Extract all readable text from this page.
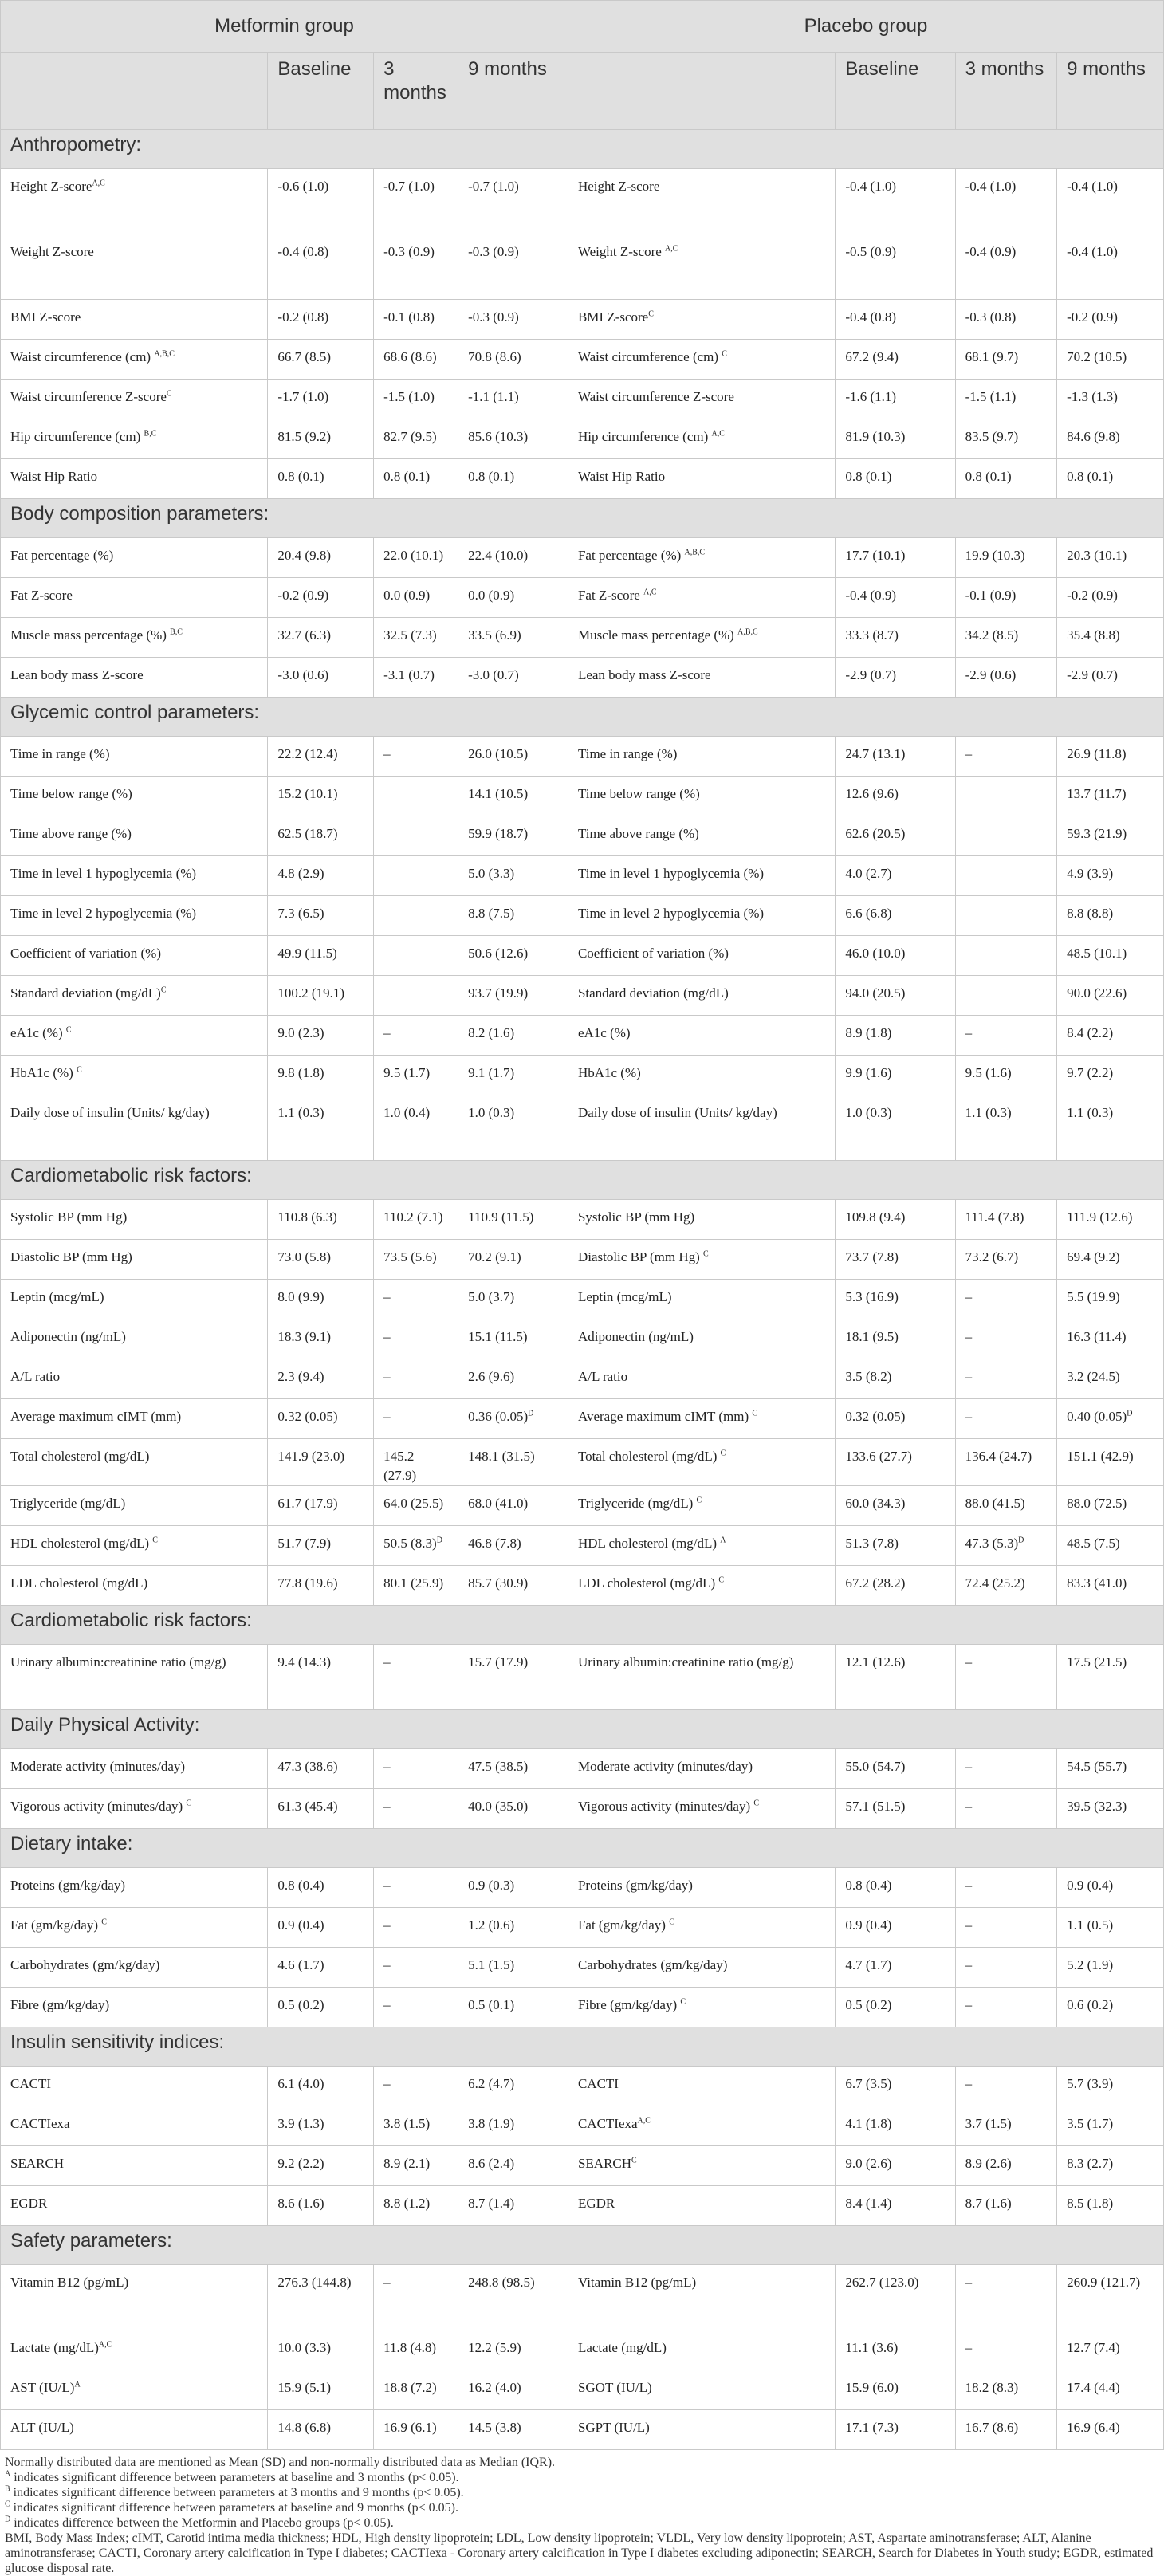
Metformin group				Placebo group			
	Baseline	3 months	9 months		Baseline	3 months	9 months
Anthropometry:							
Height Z-score$^{A,C}$	-0.6 (1.0)	-0.7 (1.0)	-0.7 (1.0)	Height Z-score	-0.4 (1.0)	-0.4 (1.0)	-0.4 (1.0)
Weight Z-score	-0.4 (0.8)	-0.3 (0.9)	-0.3 (0.9)	Weight Z-score $^{A,C}$	-0.5 (0.9)	-0.4 (0.9)	-0.4 (1.0)
BMI Z-score	-0.2 (0.8)	-0.1 (0.8)	-0.3 (0.9)	BMI Z-score$^C$	-0.4 (0.8)	-0.3 (0.8)	-0.2 (0.9)
Waist circumference (cm) $^{A,B,C}$	66.7 (8.5)	68.6 (8.6)	70.8 (8.6)	Waist circumference (cm) $^C$	67.2 (9.4)	68.1 (9.7)	70.2 (10.5)
Waist circumference Z-score$^C$	-1.7 (1.0)	-1.5 (1.0)	-1.1 (1.1)	Waist circumference Z-score	-1.6 (1.1)	-1.5 (1.1)	-1.3 (1.3)
Hip circumference (cm) $^{B,C}$	81.5 (9.2)	82.7 (9.5)	85.6 (10.3)	Hip circumference (cm) $^{A,C}$	81.9 (10.3)	83.5 (9.7)	84.6 (9.8)
Waist Hip Ratio	0.8 (0.1)	0.8 (0.1)	0.8 (0.1)	Waist Hip Ratio	0.8 (0.1)	0.8 (0.1)	0.8 (0.1)
Body composition parameters:							
Fat percentage (%)	20.4 (9.8)	22.0 (10.1)	22.4 (10.0)	Fat percentage (%) $^{A,B,C}$	17.7 (10.1)	19.9 (10.3)	20.3 (10.1)
Fat Z-score	-0.2 (0.9)	0.0 (0.9)	0.0 (0.9)	Fat Z-score $^{A,C}$	-0.4 (0.9)	-0.1 (0.9)	-0.2 (0.9)
Muscle mass percentage (%) $^{B,C}$	32.7 (6.3)	32.5 (7.3)	33.5 (6.9)	Muscle mass percentage (%) $^{A,B,C}$	33.3 (8.7)	34.2 (8.5)	35.4 (8.8)
Lean body mass Z-score	-3.0 (0.6)	-3.1 (0.7)	-3.0 (0.7)	Lean body mass Z-score	-2.9 (0.7)	-2.9 (0.6)	-2.9 (0.7)
Glycemic control parameters:							
Time in range (%)	22.2 (12.4)	–	26.0 (10.5)	Time in range (%)	24.7 (13.1)	–	26.9 (11.8)
Time below range (%)	15.2 (10.1)		14.1 (10.5)	Time below range (%)	12.6 (9.6)		13.7 (11.7)
Time above range (%)	62.5 (18.7)		59.9 (18.7)	Time above range (%)	62.6 (20.5)		59.3 (21.9)
Time in level 1 hypoglycemia (%)	4.8 (2.9)		5.0 (3.3)	Time in level 1 hypoglycemia (%)	4.0 (2.7)		4.9 (3.9)
Time in level 2 hypoglycemia (%)	7.3 (6.5)		8.8 (7.5)	Time in level 2 hypoglycemia (%)	6.6 (6.8)		8.8 (8.8)
Coefficient of variation (%)	49.9 (11.5)		50.6 (12.6)	Coefficient of variation (%)	46.0 (10.0)		48.5 (10.1)
Standard deviation $(mg/dL)^C$	100.2 (19.1)		93.7 (19.9)	Standard deviation (mg/dL)	94.0 (20.5)		90.0 (22.6)
eA1c (%) $^C$	9.0 (2.3)	–	8.2 (1.6)	eA1c (%)	8.9 (1.8)	–	8.4 (2.2)
HbA1c (%) $^C$	9.8 (1.8)	9.5 (1.7)	9.1 (1.7)	HbA1c (%)	9.9 (1.6)	9.5 (1.6)	9.7 (2.2)
Daily dose of insulin (Units/ kg/day)	1.1 (0.3)	1.0 (0.4)	1.0 (0.3)	Daily dose of insulin (Units/ kg/day)	1.0 (0.3)	1.1 (0.3)	1.1 (0.3)
Cardiometabolic risk factors:							
Systolic BP (mm Hg)	110.8 (6.3)	110.2 (7.1)	110.9 (11.5)	Systolic BP (mm Hg)	109.8 (9.4)	111.4 (7.8)	111.9 (12.6)
Diastolic BP (mm Hg)	73.0 (5.8)	73.5 (5.6)	70.2 (9.1)	Diastolic BP (mm Hg) $^C$	73.7 (7.8)	73.2 (6.7)	69.4 (9.2)
Leptin (mcg/mL)	8.0 (9.9)	–	5.0 (3.7)	Leptin (mcg/mL)	5.3 (16.9)	–	5.5 (19.9)
Adiponectin (ng/mL)	18.3 (9.1)	–	15.1 (11.5)	Adiponectin (ng/mL)	18.1 (9.5)	–	16.3 (11.4)
A/L ratio	2.3 (9.4)	–	2.6 (9.6)	A/L ratio	3.5 (8.2)	–	3.2 (24.5)
Average maximum cIMT (mm)	0.32 (0.05)	–	0.36 $(0.05)^D$	Average maximum cIMT (mm) $^C$	0.32 (0.05)	–	0.40 $(0.05)^D$
Total cholesterol (mg/dL)	141.9 (23.0)	145.2 (27.9)	148.1 (31.5)	Total cholesterol (mg/dL) $^C$	133.6 (27.7)	136.4 (24.7)	151.1 (42.9)
Triglyceride (mg/dL)	61.7 (17.9)	64.0 (25.5)	68.0 (41.0)	Triglyceride (mg/dL) $^C$	60.0 (34.3)	88.0 (41.5)	88.0 (72.5)
HDL cholesterol (mg/dL) $^C$	51.7 (7.9)	50.5 $(8.3)^D$	46.8 (7.8)	HDL cholesterol (mg/dL) $^A$	51.3 (7.8)	47.3 $(5.3)^D$	48.5 (7.5)
LDL cholesterol (mg/dL)	77.8 (19.6)	80.1 (25.9)	85.7 (30.9)	LDL cholesterol (mg/dL) $^C$	67.2 (28.2)	72.4 (25.2)	83.3 (41.0)
Cardiometabolic risk factors:							
Urinary albumin:creatinine ratio (mg/g)	9.4 (14.3)	–	15.7 (17.9)	Urinary albumin:creatinine ratio (mg/g)	12.1 (12.6)	–	17.5 (21.5)
Daily Physical Activity:							
Moderate activity (minutes/day)	47.3 (38.6)	–	47.5 (38.5)	Moderate activity (minutes/day)	55.0 (54.7)	–	54.5 (55.7)
Vigorous activity (minutes/day) $^C$	61.3 (45.4)	–	40.0 (35.0)	Vigorous activity (minutes/day) $^C$	57.1 (51.5)	–	39.5 (32.3)
Dietary intake:							
Proteins (gm/kg/day)	0.8 (0.4)	–	0.9 (0.3)	Proteins (gm/kg/day)	0.8 (0.4)	–	0.9 (0.4)
Fat (gm/kg/day) $^C$	0.9 (0.4)	–	1.2 (0.6)	Fat (gm/kg/day) $^C$	0.9 (0.4)	–	1.1 (0.5)
Carbohydrates (gm/kg/day)	4.6 (1.7)	–	5.1 (1.5)	Carbohydrates (gm/kg/day)	4.7 (1.7)	–	5.2 (1.9)
Fibre (gm/kg/day)	0.5 (0.2)	–	0.5 (0.1)	Fibre (gm/kg/day) $^C$	0.5 (0.2)	–	0.6 (0.2)
Insulin sensitivity indices:							
CACTI	6.1 (4.0)	–	6.2 (4.7)	CACTI	6.7 (3.5)	–	5.7 (3.9)
CACTIexa	3.9 (1.3)	3.8 (1.5)	3.8 (1.9)	CACTIexa$^{A,C}$	4.1 (1.8)	3.7 (1.5)	3.5 (1.7)
SEARCH	9.2 (2.2)	8.9 (2.1)	8.6 (2.4)	$SEARCH^C$	9.0 (2.6)	8.9 (2.6)	8.3 (2.7)
EGDR	8.6 (1.6)	8.8 (1.2)	8.7 (1.4)	EGDR	8.4 (1.4)	8.7 (1.6)	8.5 (1.8)
Safety parameters:							
Vitamin B12 (pg/mL)	276.3 (144.8)	–	248.8 (98.5)	Vitamin B12 (pg/mL)	262.7 (123.0)	–	260.9 (121.7)
Lactate $(mg/dL)^{A,C}$	10.0 (3.3)	11.8 (4.8)	12.2 (5.9)	Lactate (mg/dL)	11.1 (3.6)	–	12.7 (7.4)
AST $(IU/L)^A$	15.9 (5.1)	18.8 (7.2)	16.2 (4.0)	SGOT (IU/L)	15.9 (6.0)	18.2 (8.3)	17.4 (4.4)
ALT (IU/L)	14.8 (6.8)	16.9 (6.1)	14.5 (3.8)	SGPT (IU/L)	17.1 (7.3)	16.7 (8.6)	16.9 (6.4)

Normally distributed data are mentioned as Mean (SD) and non-normally distributed data as Median (IQR).

$^A$ indicates significant difference between parameters at baseline and 3 months (p< 0.05).

$^B$ indicates significant difference between parameters at 3 months and 9 months (p< 0.05).

$^C$ indicates significant difference between parameters at baseline and 9 months (p< 0.05).

$^D$ indicates difference between the Metformin and Placebo groups (p< 0.05).

BMI, Body Mass Index; cIMT, Carotid intima media thickness; HDL, High density lipoprotein; LDL, Low density lipoprotein; VLDL, Very low density lipoprotein; AST, Aspartate aminotransferase; ALT, Alanine aminotransferase; CACTI, Coronary artery calcification in Type I diabetes; CACTIexa - Coronary artery calcification in Type I diabetes excluding adiponectin; SEARCH, Search for Diabetes in Youth study; EGDR, estimated glucose disposal rate.
